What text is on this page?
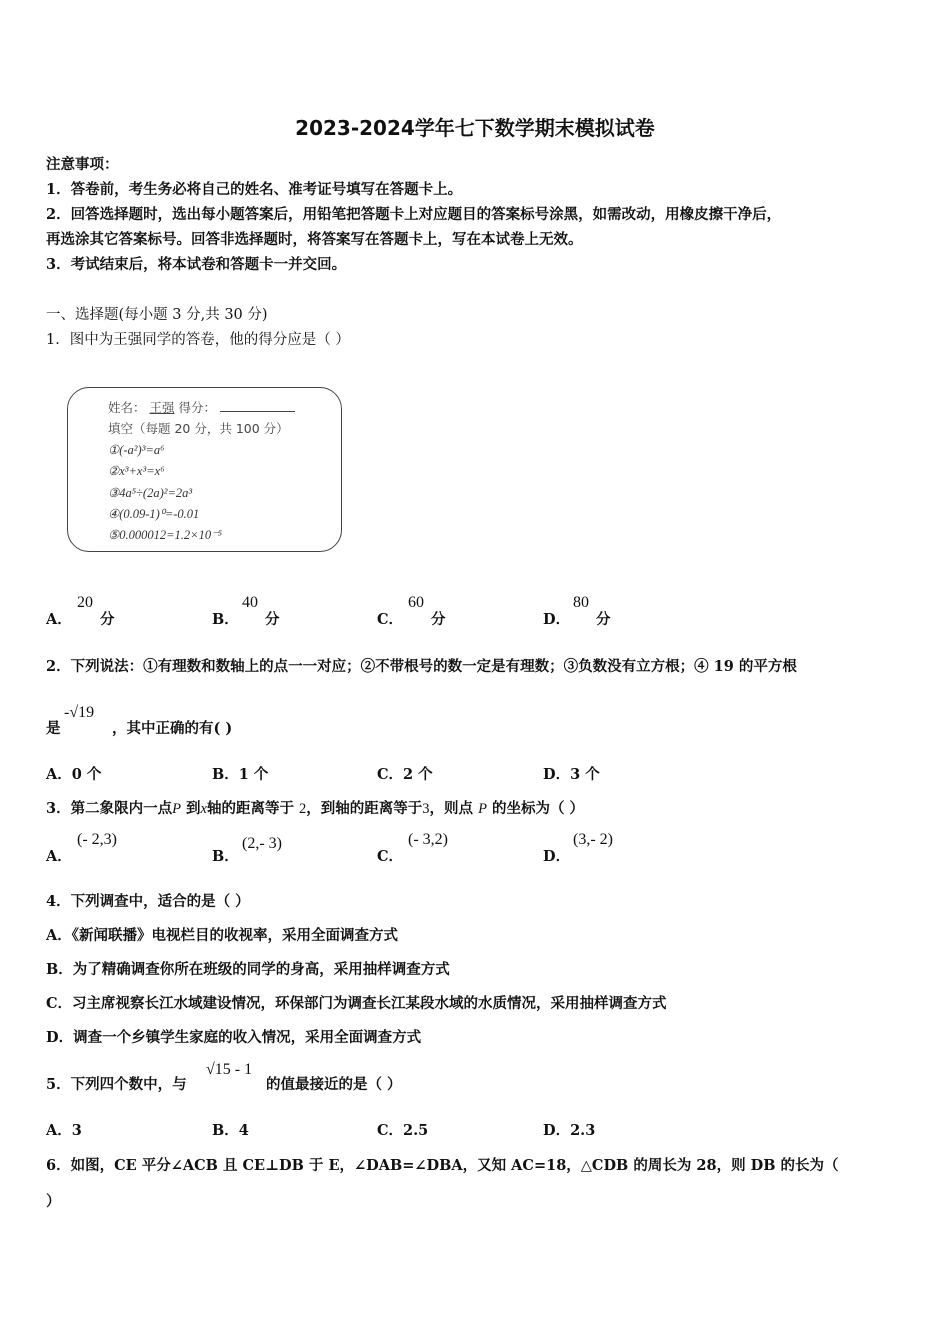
2023-2024学年七下数学期末模拟试卷
注意事项：
1．答卷前，考生务必将自己的姓名、准考证号填写在答题卡上。
2．回答选择题时，选出每小题答案后，用铅笔把答题卡上对应题目的答案标号涂黑，如需改动，用橡皮擦干净后，
再选涂其它答案标号。回答非选择题时，将答案写在答题卡上，写在本试卷上无效。
3．考试结束后，将本试卷和答题卡一并交回。
一、选择题(每小题 3 分,共 30 分)
1．图中为王强同学的答卷，他的得分应是（ ）
姓名： 王强 得分：
填空（每题 20 分，共 100 分）
①(-a²)³=a⁶
②x³+x³=x⁶
③4a⁵÷(2a)²=2a³
④(0.09-1)⁰=-0.01
⑤0.000012=1.2×10⁻⁵
A．
20
分	B．
40
分	C．
60
分	D．
80
分
2．下列说法：①有理数和数轴上的点一一对应；②不带根号的数一定是有理数；③负数没有立方根；④ 19 的平方根
是
-√19
，其中正确的有( )
A．0 个	B．1 个	C．2 个	D．3 个
3．第二象限内一点P 到x轴的距离等于 2，到轴的距离等于3，则点 P 的坐标为（ ）
A．
(- 2,3)
B．
(2,- 3)
C．
(- 3,2)
D．
(3,- 2)
4．下列调查中，适合的是（ ）
A．《新闻联播》电视栏目的收视率，采用全面调查方式
B．为了精确调查你所在班级的同学的身高，采用抽样调查方式
C．习主席视察长江水域建设情况，环保部门为调查长江某段水域的水质情况，采用抽样调查方式
D．调查一个乡镇学生家庭的收入情况，采用全面调查方式
5．下列四个数中，与
√15 - 1
的值最接近的是（ ）
A．3	B．4	C．2.5	D．2.3
6．如图，CE 平分∠ACB 且 CE⊥DB 于 E，∠DAB=∠DBA，又知 AC=18，△CDB 的周长为 28，则 DB 的长为（
）
